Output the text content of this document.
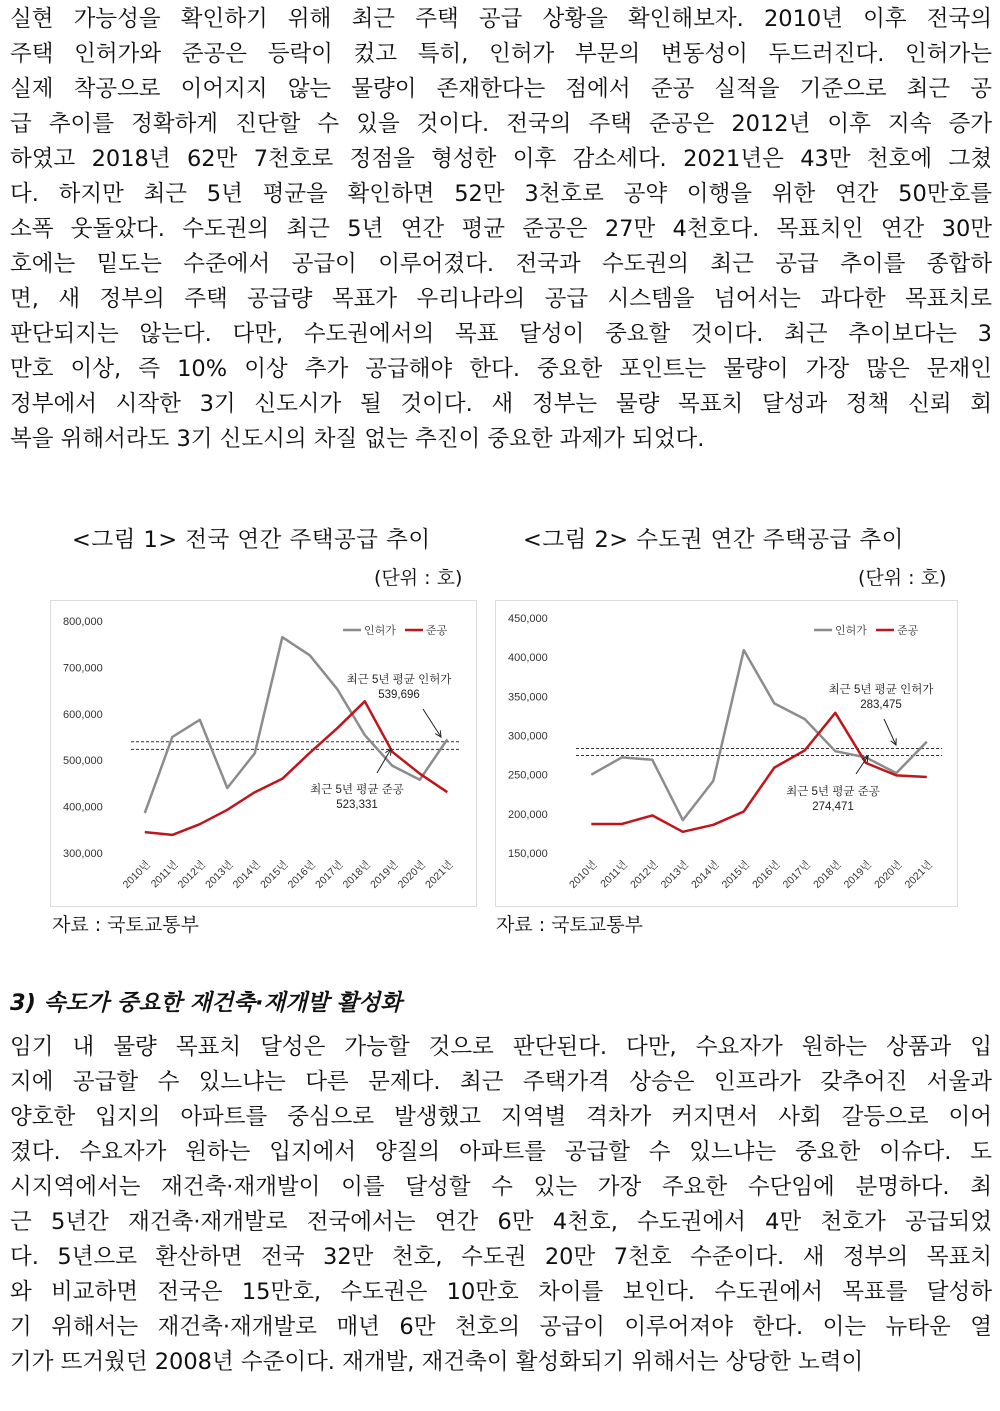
실현 가능성을 확인하기 위해 최근 주택 공급 상황을 확인해보자. 2010년 이후 전국의
주택 인허가와 준공은 등락이 컸고 특히, 인허가 부문의 변동성이 두드러진다. 인허가는
실제 착공으로 이어지지 않는 물량이 존재한다는 점에서 준공 실적을 기준으로 최근 공
급 추이를 정확하게 진단할 수 있을 것이다. 전국의 주택 준공은 2012년 이후 지속 증가
하였고 2018년 62만 7천호로 정점을 형성한 이후 감소세다. 2021년은 43만 천호에 그쳤
다. 하지만 최근 5년 평균을 확인하면 52만 3천호로 공약 이행을 위한 연간 50만호를
소폭 웃돌았다. 수도권의 최근 5년 연간 평균 준공은 27만 4천호다. 목표치인 연간 30만
호에는 밑도는 수준에서 공급이 이루어졌다. 전국과 수도권의 최근 공급 추이를 종합하
면, 새 정부의 주택 공급량 목표가 우리나라의 공급 시스템을 넘어서는 과다한 목표치로
판단되지는 않는다. 다만, 수도권에서의 목표 달성이 중요할 것이다. 최근 추이보다는 3
만호 이상, 즉 10% 이상 추가 공급해야 한다. 중요한 포인트는 물량이 가장 많은 문재인
정부에서 시작한 3기 신도시가 될 것이다. 새 정부는 물량 목표치 달성과 정책 신뢰 회
복을 위해서라도 3기 신도시의 차질 없는 추진이 중요한 과제가 되었다.
<그림 1> 전국 연간 주택공급 추이	<그림 2> 수도권 연간 주택공급 추이
(단위 : 호)	(단위 : 호)
300,000
400,000
500,000
600,000
700,000
800,000
2010년
2011년
2012년
2013년
2014년
2015년
2016년
2017년
2018년
2019년
2020년
2021년
최근 5년 평균 인허가
539,696
최근 5년 평균 준공
523,331
인허가	준공
150,000
200,000
250,000
300,000
350,000
400,000
450,000
2010년
2011년
2012년
2013년
2014년
2015년
2016년
2017년
2018년
2019년
2020년
2021년
최근 5년 평균 인허가
283,475
최근 5년 평균 준공
274,471
인허가	준공
자료 : 국토교통부	자료 : 국토교통부
3) 속도가 중요한 재건축·재개발 활성화
임기 내 물량 목표치 달성은 가능할 것으로 판단된다. 다만, 수요자가 원하는 상품과 입
지에 공급할 수 있느냐는 다른 문제다. 최근 주택가격 상승은 인프라가 갖추어진 서울과
양호한 입지의 아파트를 중심으로 발생했고 지역별 격차가 커지면서 사회 갈등으로 이어
졌다. 수요자가 원하는 입지에서 양질의 아파트를 공급할 수 있느냐는 중요한 이슈다. 도
시지역에서는 재건축·재개발이 이를 달성할 수 있는 가장 주요한 수단임에 분명하다. 최
근 5년간 재건축·재개발로 전국에서는 연간 6만 4천호, 수도권에서 4만 천호가 공급되었
다. 5년으로 환산하면 전국 32만 천호, 수도권 20만 7천호 수준이다. 새 정부의 목표치
와 비교하면 전국은 15만호, 수도권은 10만호 차이를 보인다. 수도권에서 목표를 달성하
기 위해서는 재건축·재개발로 매년 6만 천호의 공급이 이루어져야 한다. 이는 뉴타운 열
기가 뜨거웠던 2008년 수준이다. 재개발, 재건축이 활성화되기 위해서는 상당한 노력이
